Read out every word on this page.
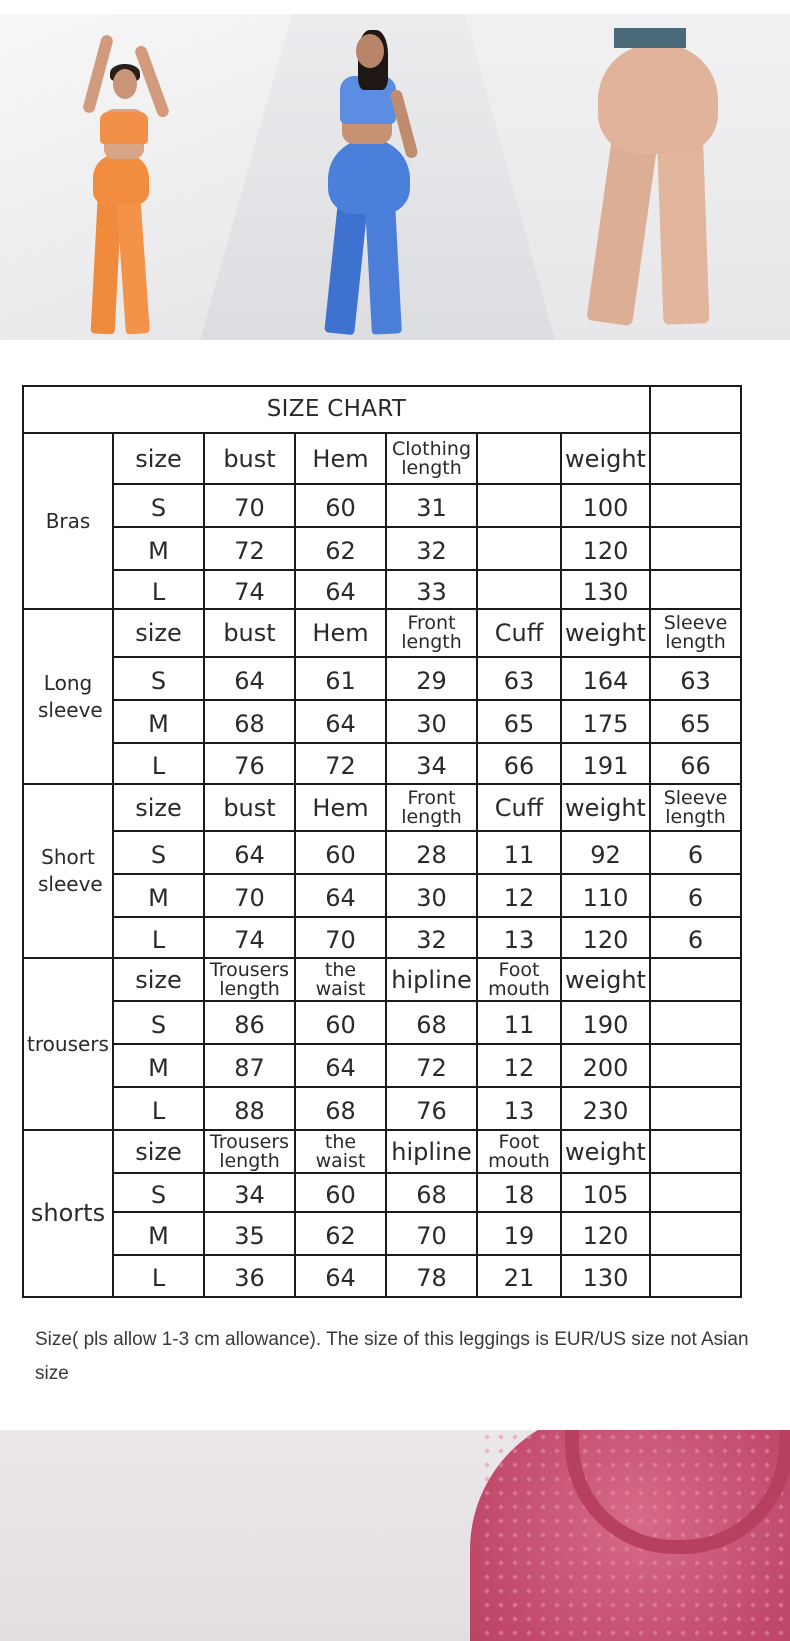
SIZE CHART							
Bras	size	bust	Hem	Clothing length		weight	
	S	70	60	31		100	
	M	72	62	32		120	
	L	74	64	33		130	
Long sleeve	size	bust	Hem	Front length	Cuff	weight	Sleeve length
	S	64	61	29	63	164	63
	M	68	64	30	65	175	65
	L	76	72	34	66	191	66
Short sleeve	size	bust	Hem	Front length	Cuff	weight	Sleeve length
	S	64	60	28	11	92	6
	M	70	64	30	12	110	6
	L	74	70	32	13	120	6
trousers	size	Trousers length	the waist	hipline	Foot mouth	weight	
	S	86	60	68	11	190	
	M	87	64	72	12	200	
	L	88	68	76	13	230	
shorts	size	Trousers length	the waist	hipline	Foot mouth	weight	
	S	34	60	68	18	105	
	M	35	62	70	19	120	
	L	36	64	78	21	130	
Size( pls allow 1-3 cm allowance). The size of this leggings is EUR/US size not Asian size
